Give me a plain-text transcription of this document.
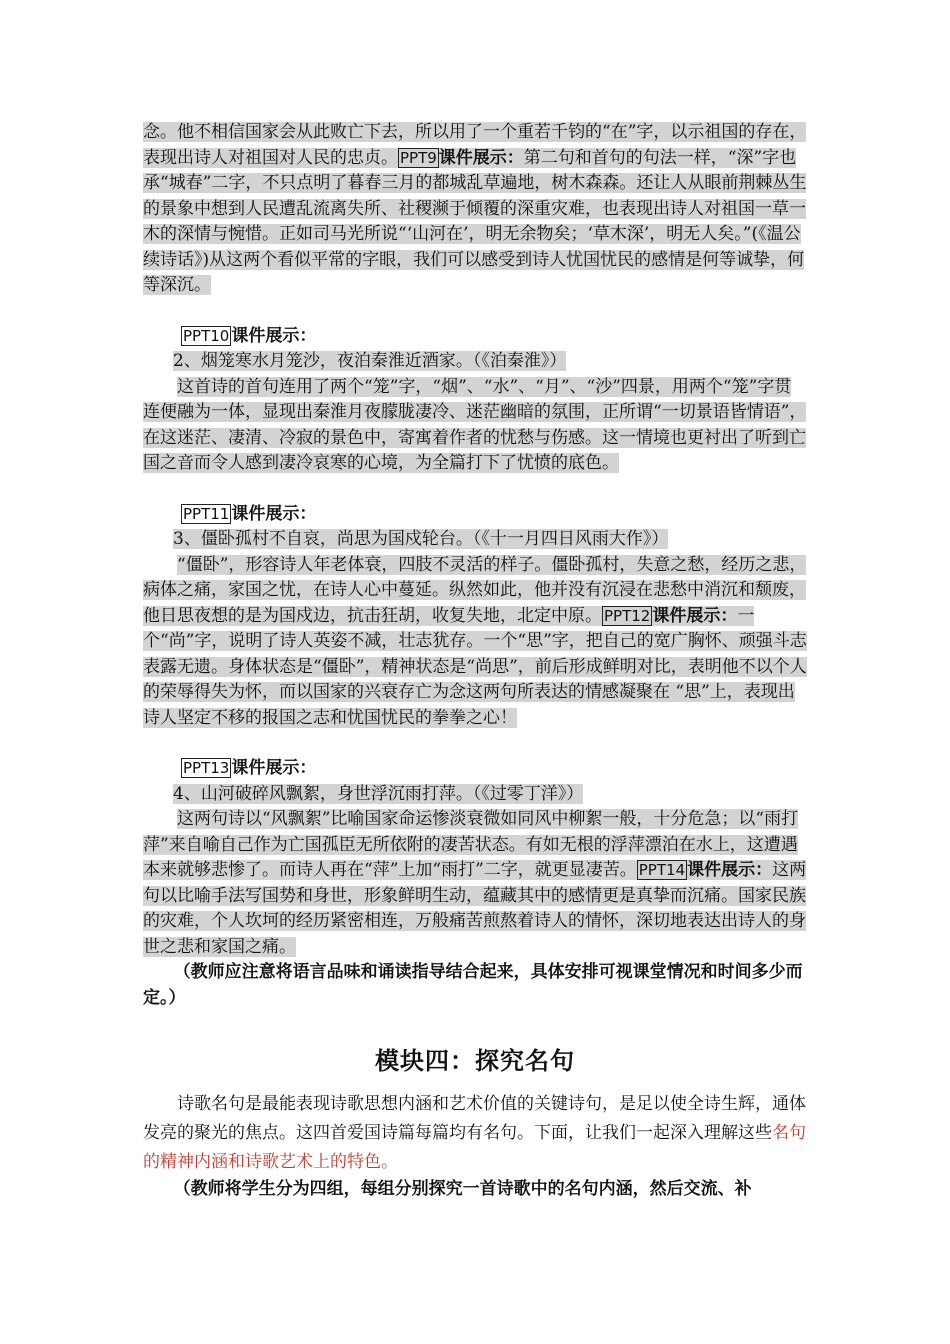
念。他不相信国家会从此败亡下去，所以用了一个重若千钧的“在”字，以示祖国的存在，表现出诗人对祖国对人民的忠贞。 PPT9 课件展示：第二句和首句的句法一样，“深”字也承“城春”二字，不只点明了暮春三月的都城乱草遍地，树木森森。还让人从眼前荆棘丛生的景象中想到人民遭乱流离失所、社稷濒于倾覆的深重灾难，也表现出诗人对祖国一草一木的深情与惋惜。正如司马光所说“‘山河在’，明无余物矣；‘草木深’，明无人矣。”(《温公续诗话》)从这两个看似平常的字眼，我们可以感受到诗人忧国忧民的感情是何等诚挚，何等深沉。

PPT10 课件展示：
2、烟笼寒水月笼沙，夜泊秦淮近酒家。（《泊秦淮》）

这首诗的首句连用了两个“笼”字，“烟”、“水”、“月”、“沙”四景，用两个“笼”字贯连便融为一体，显现出秦淮月夜朦胧凄冷、迷茫幽暗的氛围，正所谓“一切景语皆情语”，在这迷茫、凄清、冷寂的景色中，寄寓着作者的忧愁与伤感。这一情境也更衬出了听到亡国之音而令人感到凄冷哀寒的心境，为全篇打下了忧愤的底色。

PPT11 课件展示：
3、僵卧孤村不自哀，尚思为国戍轮台。（《十一月四日风雨大作》）

“僵卧”，形容诗人年老体衰，四肢不灵活的样子。僵卧孤村，失意之愁，经历之悲，病体之痛，家国之忧，在诗人心中蔓延。纵然如此，他并没有沉浸在悲愁中消沉和颓废，他日思夜想的是为国戍边，抗击狂胡，收复失地，北定中原。 PPT12 课件展示：一个“尚”字，说明了诗人英姿不减，壮志犹存。一个“思”字，把自己的宽广胸怀、顽强斗志表露无遗。身体状态是“僵卧”，精神状态是“尚思”，前后形成鲜明对比，表明他不以个人的荣辱得失为怀，而以国家的兴衰存亡为念这两句所表达的情感凝聚在 “思”上，表现出诗人坚定不移的报国之志和忧国忧民的拳拳之心！

PPT13 课件展示：
4、山河破碎风飘絮，身世浮沉雨打萍。（《过零丁洋》）

这两句诗以“风飘絮”比喻国家命运惨淡衰微如同风中柳絮一般，十分危急；以“雨打萍”来自喻自己作为亡国孤臣无所依附的凄苦状态。有如无根的浮萍漂泊在水上，这遭遇本来就够悲惨了。而诗人再在“萍”上加“雨打”二字，就更显凄苦。 PPT14 课件展示：这两句以比喻手法写国势和身世，形象鲜明生动，蕴藏其中的感情更是真挚而沉痛。国家民族的灾难，个人坎坷的经历紧密相连，万般痛苦煎熬着诗人的情怀，深切地表达出诗人的身世之悲和家国之痛。

（教师应注意将语言品味和诵读指导结合起来，具体安排可视课堂情况和时间多少而定。）

模块四：探究名句

诗歌名句是最能表现诗歌思想内涵和艺术价值的关键诗句，是足以使全诗生辉，通体发亮的聚光的焦点。这四首爱国诗篇每篇均有名句。下面，让我们一起深入理解这些名句的精神内涵和诗歌艺术上的特色。

（教师将学生分为四组，每组分别探究一首诗歌中的名句内涵，然后交流、补
